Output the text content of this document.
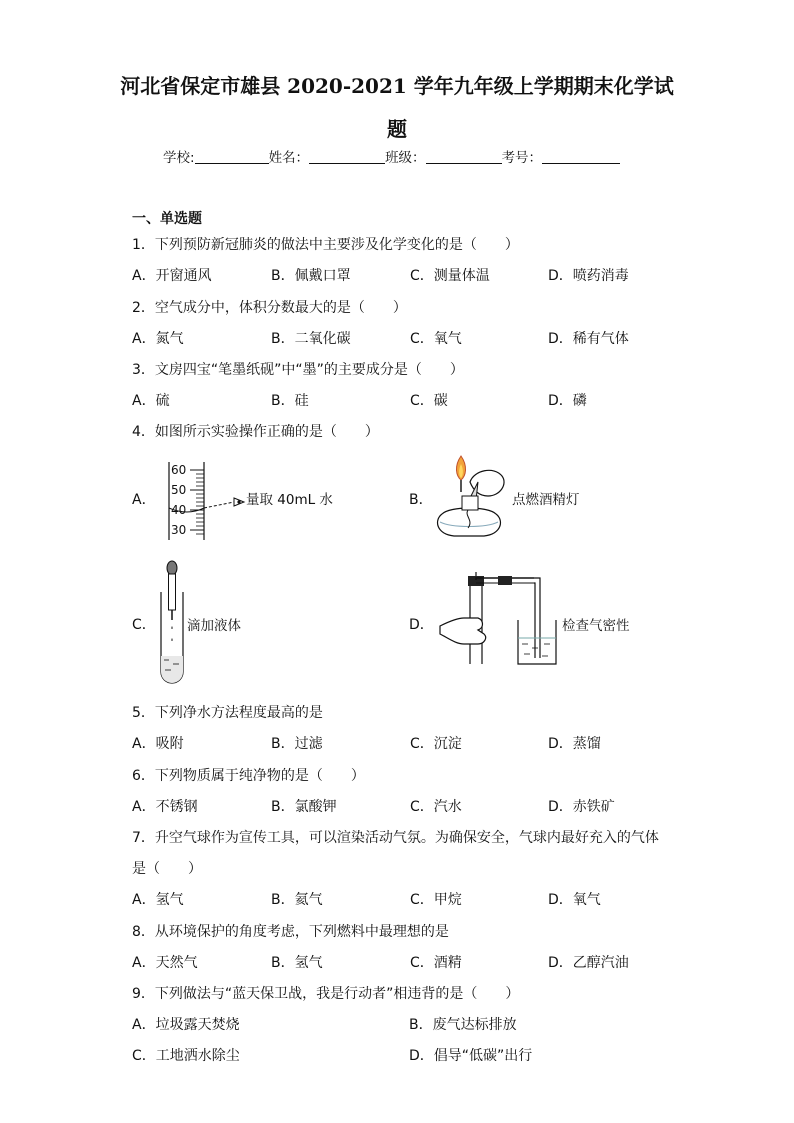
河北省保定市雄县 2020-2021 学年九年级上学期期末化学试
题
学校:	姓名：	班级：	考号：
一、单选题
1．下列预防新冠肺炎的做法中主要涉及化学变化的是（　　）
A．开窗通风	B．佩戴口罩	C．测量体温	D．喷药消毒
2．空气成分中，体积分数最大的是（　　）
A．氮气	B．二氧化碳	C．氧气	D．稀有气体
3．文房四宝“笔墨纸砚”中“墨”的主要成分是（　　）
A．硫	B．硅	C．碳	D．磷
4．如图所示实验操作正确的是（　　）
A．
60
50
40
30
量取 40mL 水	B．	点燃酒精灯
C． 滴加液体	D．	检查气密性
5．下列净水方法程度最高的是
A．吸附	B．过滤	C．沉淀	D．蒸馏
6．下列物质属于纯净物的是（　　）
A．不锈钢	B．氯酸钾	C．汽水	D．赤铁矿
7．升空气球作为宣传工具，可以渲染活动气氛。为确保安全，气球内最好充入的气体
是（　　）
A．氢气	B．氦气	C．甲烷	D．氧气
8．从环境保护的角度考虑，下列燃料中最理想的是
A．天然气	B．氢气	C．酒精	D．乙醇汽油
9．下列做法与“蓝天保卫战，我是行动者”相违背的是（　　）
A．垃圾露天焚烧	B．废气达标排放
C．工地洒水除尘	D．倡导“低碳”出行
